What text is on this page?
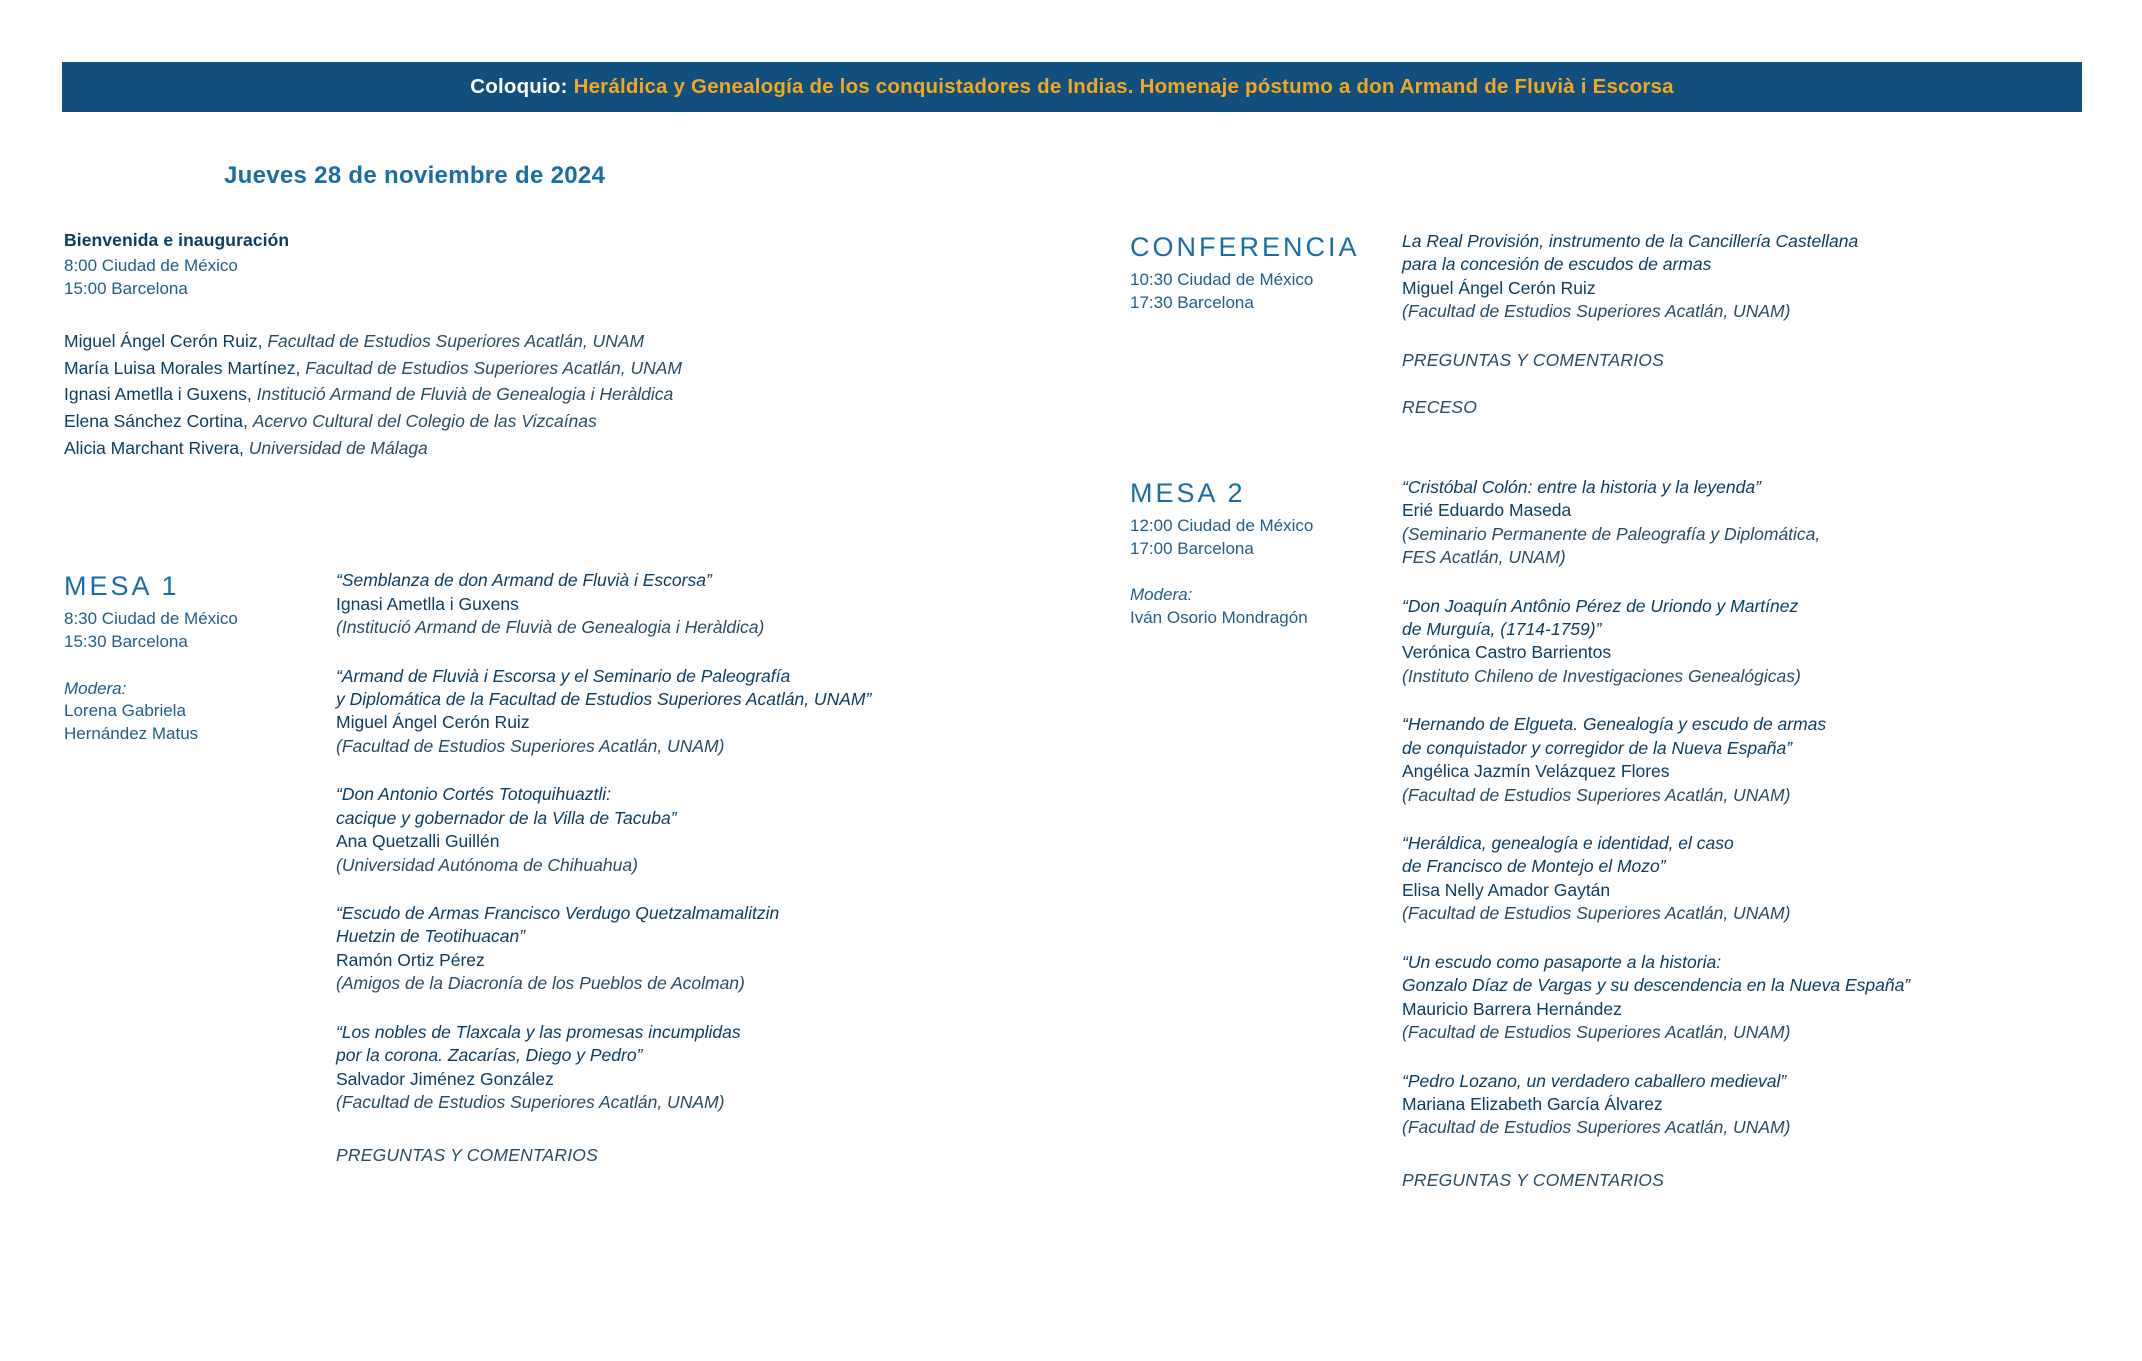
Coloquio: Heráldica y Genealogía de los conquistadores de Indias. Homenaje póstumo a don Armand de Fluvià i Escorsa
Jueves 28 de noviembre de 2024
Bienvenida e inauguración
8:00 Ciudad de México
15:00 Barcelona
Miguel Ángel Cerón Ruiz, Facultad de Estudios Superiores Acatlán, UNAM
María Luisa Morales Martínez, Facultad de Estudios Superiores Acatlán, UNAM
Ignasi Ametlla i Guxens, Institució Armand de Fluvià de Genealogia i Heràldica
Elena Sánchez Cortina, Acervo Cultural del Colegio de las Vizcaínas
Alicia Marchant Rivera, Universidad de Málaga
MESA 1
8:30 Ciudad de México
15:30 Barcelona
Modera:
Lorena Gabriela
Hernández Matus
“Semblanza de don Armand de Fluvià i Escorsa”
Ignasi Ametlla i Guxens
(Institució Armand de Fluvià de Genealogia i Heràldica)
“Armand de Fluvià i Escorsa y el Seminario de Paleografía
y Diplomática de la Facultad de Estudios Superiores Acatlán, UNAM”
Miguel Ángel Cerón Ruiz
(Facultad de Estudios Superiores Acatlán, UNAM)
“Don Antonio Cortés Totoquihuaztli:
cacique y gobernador de la Villa de Tacuba”
Ana Quetzalli Guillén
(Universidad Autónoma de Chihuahua)
“Escudo de Armas Francisco Verdugo Quetzalmamalitzin
Huetzin de Teotihuacan”
Ramón Ortiz Pérez
(Amigos de la Diacronía de los Pueblos de Acolman)
“Los nobles de Tlaxcala y las promesas incumplidas
por la corona. Zacarías, Diego y Pedro”
Salvador Jiménez González
(Facultad de Estudios Superiores Acatlán, UNAM)
PREGUNTAS Y COMENTARIOS
CONFERENCIA
10:30 Ciudad de México
17:30 Barcelona
La Real Provisión, instrumento de la Cancillería Castellana
para la concesión de escudos de armas
Miguel Ángel Cerón Ruiz
(Facultad de Estudios Superiores Acatlán, UNAM)
PREGUNTAS Y COMENTARIOS
RECESO
MESA 2
12:00 Ciudad de México
17:00 Barcelona
Modera:
Iván Osorio Mondragón
“Cristóbal Colón: entre la historia y la leyenda”
Erié Eduardo Maseda
(Seminario Permanente de Paleografía y Diplomática,
FES Acatlán, UNAM)
“Don Joaquín Antônio Pérez de Uriondo y Martínez
de Murguía, (1714-1759)”
Verónica Castro Barrientos
(Instituto Chileno de Investigaciones Genealógicas)
“Hernando de Elgueta. Genealogía y escudo de armas
de conquistador y corregidor de la Nueva España”
Angélica Jazmín Velázquez Flores
(Facultad de Estudios Superiores Acatlán, UNAM)
“Heráldica, genealogía e identidad, el caso
de Francisco de Montejo el Mozo”
Elisa Nelly Amador Gaytán
(Facultad de Estudios Superiores Acatlán, UNAM)
“Un escudo como pasaporte a la historia:
Gonzalo Díaz de Vargas y su descendencia en la Nueva España”
Mauricio Barrera Hernández
(Facultad de Estudios Superiores Acatlán, UNAM)
“Pedro Lozano, un verdadero caballero medieval”
Mariana Elizabeth García Álvarez
(Facultad de Estudios Superiores Acatlán, UNAM)
PREGUNTAS Y COMENTARIOS
